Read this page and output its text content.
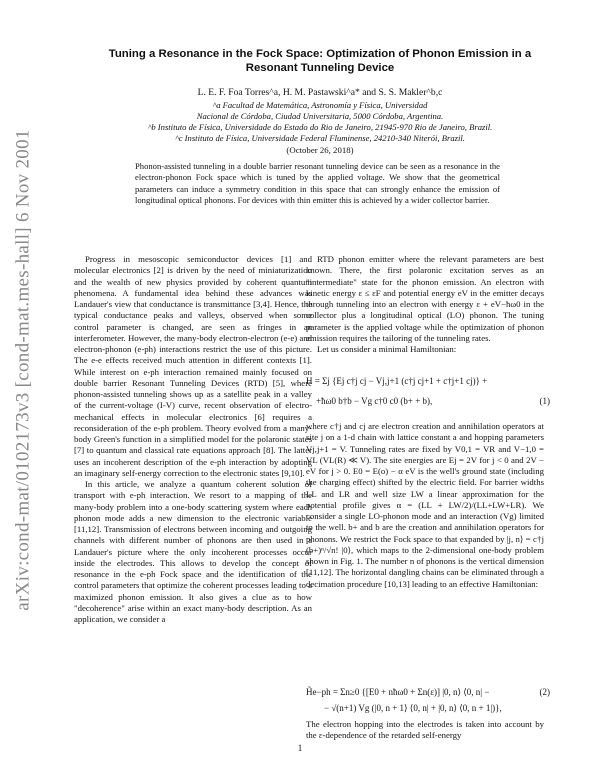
arXiv:cond-mat/0102173v3 [cond-mat.mes-hall] 6 Nov 2001
Tuning a Resonance in the Fock Space: Optimization of Phonon Emission in a
Resonant Tunneling Device
L. E. F. Foa Torres^a, H. M. Pastawski^a* and S. S. Makler^b,c
^a Facultad de Matemática, Astronomía y Física, Universidad
Nacional de Córdoba, Ciudad Universitaria, 5000 Córdoba, Argentina.
^b Instituto de Física, Universidade do Estado do Rio de Janeiro, 21945-970 Rio de Janeiro, Brazil.
^c Instituto de Física, Universidade Federal Fluminense, 24210-340 Niterói, Brazil.
(October 26, 2018)
Phonon-assisted tunneling in a double barrier resonant tunneling device can be seen as a resonance in the electron-phonon Fock space which is tuned by the applied voltage. We show that the geometrical parameters can induce a symmetry condition in this space that can strongly enhance the emission of longitudinal optical phonons. For devices with thin emitter this is achieved by a wider collector barrier.

Progress in mesoscopic semiconductor devices [1] and molecular electronics [2] is driven by the need of miniaturization and the wealth of new physics provided by coherent quantum phenomena. A fundamental idea behind these advances was Landauer's view that conductance is transmittance [3,4]. Hence, the typical conductance peaks and valleys, observed when some control parameter is changed, are seen as fringes in an interferometer. However, the many-body electron-electron (e-e) and electron-phonon (e-ph) interactions restrict the use of this picture. The e-e effects received much attention in different contexts [1]. While interest on e-ph interaction remained mainly focused on double barrier Resonant Tunneling Devices (RTD) [5], where phonon-assisted tunneling shows up as a satellite peak in a valley of the current-voltage (I-V) curve, recent observation of electro-mechanical effects in molecular electronics [6] requires a reconsideration of the e-ph problem. Theory evolved from a many-body Green's function in a simplified model for the polaronic states [7] to quantum and classical rate equations approach [8]. The latter uses an incoherent description of the e-ph interaction by adopting an imaginary self-energy correction to the electronic states [9,10].

In this article, we analyze a quantum coherent solution of transport with e-ph interaction. We resort to a mapping of the many-body problem into a one-body scattering system where each phonon mode adds a new dimension to the electronic variable [11,12]. Transmission of electrons between incoming and outgoing channels with different number of phonons are then used in a Landauer's picture where the only incoherent processes occur inside the electrodes. This allows to develop the concept of resonance in the e-ph Fock space and the identification of the control parameters that optimize the coherent processes leading to a maximized phonon emission. It also gives a clue as to how "decoherence" arise within an exact many-body description. As an application, we consider a

RTD phonon emitter where the relevant parameters are best known. There, the first polaronic excitation serves as an "intermediate" state for the phonon emission. An electron with kinetic energy ε ≤ εF and potential energy eV in the emitter decays through tunneling into an electron with energy ε + eV−ħω0 in the collector plus a longitudinal optical (LO) phonon. The tuning parameter is the applied voltage while the optimization of phonon emission requires the tailoring of the tunneling rates.

Let us consider a minimal Hamiltonian:

H = Σj {Ej c†j cj − Vj,j+1 (c†j cj+1 + c†j+1 cj)} +
+ħω0 b†b − Vg c†0 c0 (b+ + b),	(1)

where c†j and cj are electron creation and annihilation operators at site j on a 1-d chain with lattice constant a and hopping parameters Vj,j+1 = V. Tunneling rates are fixed by V0,1 = VR and V−1,0 = VL (VL(R) ≪ V). The site energies are Ej = 2V for j < 0 and 2V − eV for j > 0. E0 = E(o) − α eV is the well's ground state (including the charging effect) shifted by the electric field. For barrier widths LL and LR and well size LW a linear approximation for the potential profile gives α = (LL + LW/2)/(LL+LW+LR). We consider a single LO-phonon mode and an interaction (Vg) limited to the well. b+ and b are the creation and annihilation operators for phonons. We restrict the Fock space to that expanded by |j, n⟩ = c†j (b+)ⁿ/√n! |0⟩, which maps to the 2-dimensional one-body problem shown in Fig. 1. The number n of phonons is the vertical dimension [11,12]. The horizontal dangling chains can be eliminated through a decimation procedure [10,13] leading to an effective Hamiltonian:

H̃e−ph = Σn≥0 {[E0 + nħω0 + Σn(ε)] |0, n⟩ ⟨0, n| −
− √(n+1) Vg (|0, n + 1⟩ ⟨0, n| + |0, n⟩ ⟨0, n + 1|)},
(2)

The electron hopping into the electrodes is taken into account by the ε-dependence of the retarded self-energy

1
